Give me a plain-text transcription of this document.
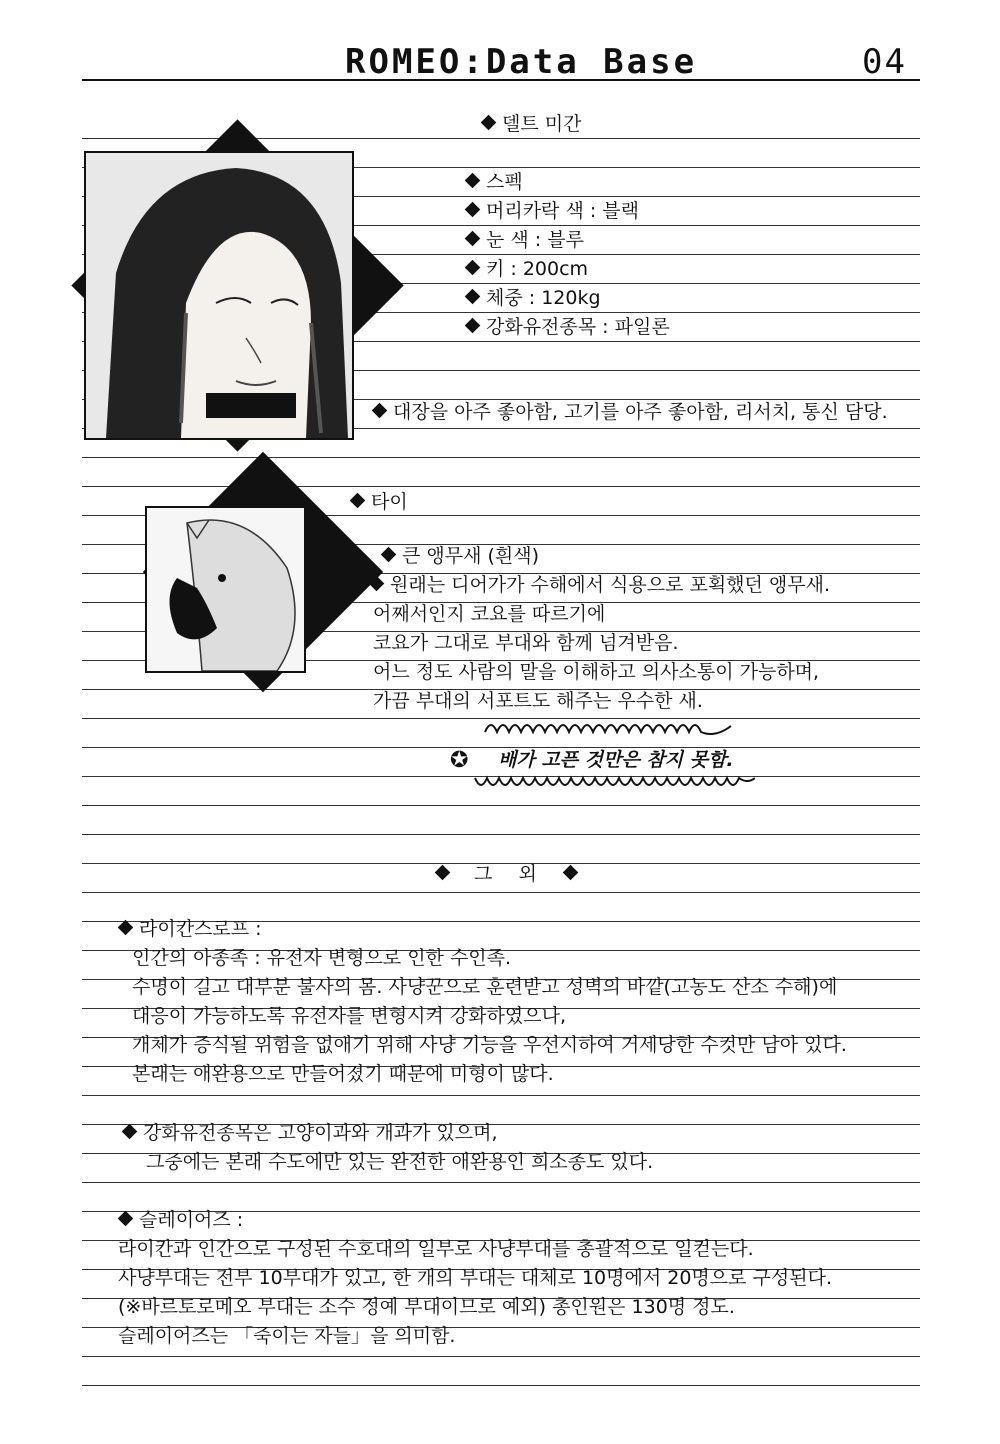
ROMEO:Data Base	04
델트 미간
스펙
머리카락 색 : 블랙
눈 색 : 블루
키 : 200cm
체중 : 120kg
강화유전종목 : 파일론
대장을 아주 좋아함, 고기를 아주 좋아함, 리서치, 통신 담당.
타이
큰 앵무새 (흰색)
원래는 디어가가 수해에서 식용으로 포획했던 앵무새.
어째서인지 코요를 따르기에
코요가 그대로 부대와 함께 넘겨받음.
어느 정도 사람의 말을 이해하고 의사소통이 가능하며,
가끔 부대의 서포트도 해주는 우수한 새.
✪ 배가 고픈 것만은 참지 못함.
그 외
라이칸스로프 :
인간의 아종족 : 유전자 변형으로 인한 수인족.
수명이 길고 대부분 불사의 몸. 사냥꾼으로 훈련받고 성벽의 바깥(고농도 산소 수해)에
대응이 가능하도록 유전자를 변형시켜 강화하였으나,
개체가 증식될 위험을 없애기 위해 사냥 기능을 우선시하여 거세당한 수컷만 남아 있다.
본래는 애완용으로 만들어졌기 때문에 미형이 많다.
강화유전종목은 고양이과와 개과가 있으며,
그중에는 본래 수도에만 있는 완전한 애완용인 희소종도 있다.
슬레이어즈 :
라이칸과 인간으로 구성된 수호대의 일부로 사냥부대를 총괄적으로 일컫는다.
사냥부대는 전부 10부대가 있고, 한 개의 부대는 대체로 10명에서 20명으로 구성된다.
(※바르토로메오 부대는 소수 정예 부대이므로 예외) 총인원은 130명 정도.
슬레이어즈는 「죽이는 자들」을 의미함.
